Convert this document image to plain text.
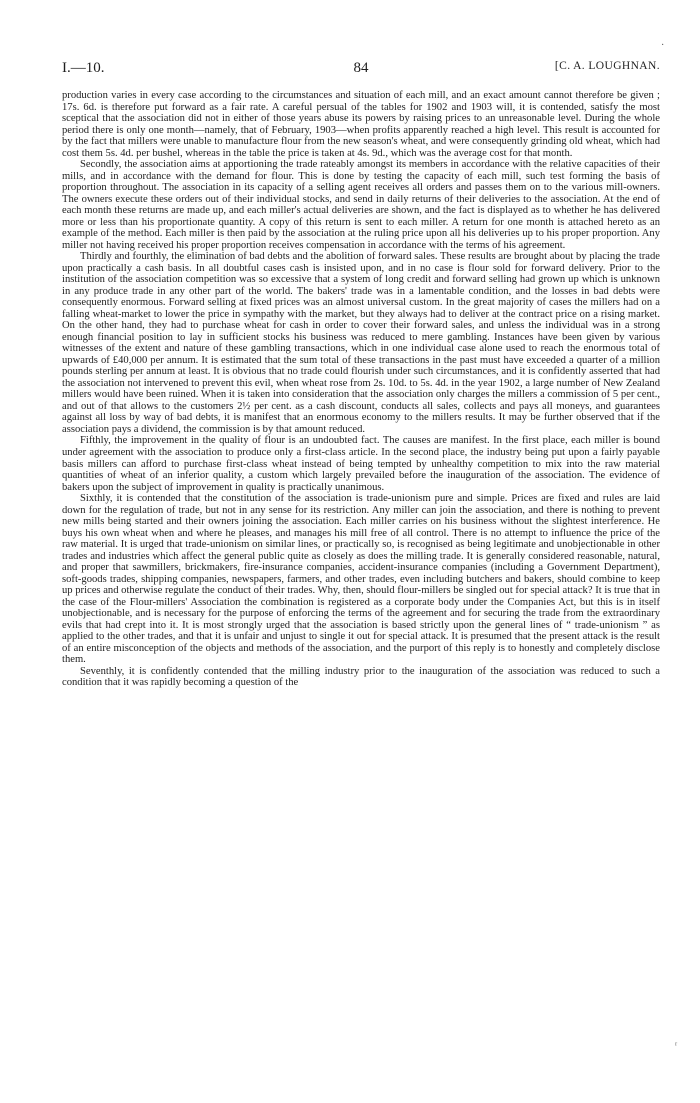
·
ʳ
I.—10.	84	[C. A. LOUGHNAN.

production varies in every case according to the circumstances and situation of each mill, and an exact amount cannot therefore be given ; 17s. 6d. is therefore put forward as a fair rate. A careful persual of the tables for 1902 and 1903 will, it is contended, satisfy the most sceptical that the association did not in either of those years abuse its powers by raising prices to an unreasonable level. During the whole period there is only one month—namely, that of February, 1903—when profits apparently reached a high level. This result is accounted for by the fact that millers were unable to manufacture flour from the new season's wheat, and were consequently grinding old wheat, which had cost them 5s. 4d. per bushel, whereas in the table the price is taken at 4s. 9d., which was the average cost for that month.

Secondly, the association aims at apportioning the trade rateably amongst its members in accordance with the relative capacities of their mills, and in accordance with the demand for flour. This is done by testing the capacity of each mill, such test forming the basis of proportion throughout. The association in its capacity of a selling agent receives all orders and passes them on to the various mill-owners. The owners execute these orders out of their individual stocks, and send in daily returns of their deliveries to the association. At the end of each month these returns are made up, and each miller's actual deliveries are shown, and the fact is displayed as to whether he has delivered more or less than his proportionate quantity. A copy of this return is sent to each miller. A return for one month is attached hereto as an example of the method. Each miller is then paid by the association at the ruling price upon all his deliveries up to his proper proportion. Any miller not having received his proper proportion receives compensation in accordance with the terms of his agreement.

Thirdly and fourthly, the elimination of bad debts and the abolition of forward sales. These results are brought about by placing the trade upon practically a cash basis. In all doubtful cases cash is insisted upon, and in no case is flour sold for forward delivery. Prior to the institution of the association competition was so excessive that a system of long credit and forward selling had grown up which is unknown in any produce trade in any other part of the world. The bakers' trade was in a lamentable condition, and the losses in bad debts were consequently enormous. Forward selling at fixed prices was an almost universal custom. In the great majority of cases the millers had on a falling wheat-market to lower the price in sympathy with the market, but they always had to deliver at the contract price on a rising market. On the other hand, they had to purchase wheat for cash in order to cover their forward sales, and unless the individual was in a strong enough financial position to lay in sufficient stocks his business was reduced to mere gambling. Instances have been given by various witnesses of the extent and nature of these gambling transactions, which in one individual case alone used to reach the enormous total of upwards of £40,000 per annum. It is estimated that the sum total of these transactions in the past must have exceeded a quarter of a million pounds sterling per annum at least. It is obvious that no trade could flourish under such circumstances, and it is confidently asserted that had the association not intervened to prevent this evil, when wheat rose from 2s. 10d. to 5s. 4d. in the year 1902, a large number of New Zealand millers would have been ruined. When it is taken into consideration that the association only charges the millers a commission of 5 per cent., and out of that allows to the customers 2½ per cent. as a cash discount, conducts all sales, collects and pays all moneys, and guarantees against all loss by way of bad debts, it is manifest that an enormous economy to the millers results. It may be further observed that if the association pays a dividend, the commission is by that amount reduced.

Fifthly, the improvement in the quality of flour is an undoubted fact. The causes are manifest. In the first place, each miller is bound under agreement with the association to produce only a first-class article. In the second place, the industry being put upon a fairly payable basis millers can afford to purchase first-class wheat instead of being tempted by unhealthy competition to mix into the raw material quantities of wheat of an inferior quality, a custom which largely prevailed before the inauguration of the association. The evidence of bakers upon the subject of improvement in quality is practically unanimous.

Sixthly, it is contended that the constitution of the association is trade-unionism pure and simple. Prices are fixed and rules are laid down for the regulation of trade, but not in any sense for its restriction. Any miller can join the association, and there is nothing to prevent new mills being started and their owners joining the association. Each miller carries on his business without the slightest interference. He buys his own wheat when and where he pleases, and manages his mill free of all control. There is no attempt to influence the price of the raw material. It is urged that trade-unionism on similar lines, or practically so, is recognised as being legitimate and unobjectionable in other trades and industries which affect the general public quite as closely as does the milling trade. It is generally considered reasonable, natural, and proper that sawmillers, brickmakers, fire-insurance companies, accident-insurance companies (including a Government Department), soft-goods trades, shipping companies, newspapers, farmers, and other trades, even including butchers and bakers, should combine to keep up prices and otherwise regulate the conduct of their trades. Why, then, should flour-millers be singled out for special attack? It is true that in the case of the Flour-millers' Association the combination is registered as a corporate body under the Companies Act, but this is in itself unobjectionable, and is necessary for the purpose of enforcing the terms of the agreement and for securing the trade from the extraordinary evils that had crept into it. It is most strongly urged that the association is based strictly upon the general lines of “ trade-unionism ” as applied to the other trades, and that it is unfair and unjust to single it out for special attack. It is presumed that the present attack is the result of an entire misconception of the objects and methods of the association, and the purport of this reply is to honestly and completely disclose them.

Seventhly, it is confidently contended that the milling industry prior to the inauguration of the association was reduced to such a condition that it was rapidly becoming a question of the
